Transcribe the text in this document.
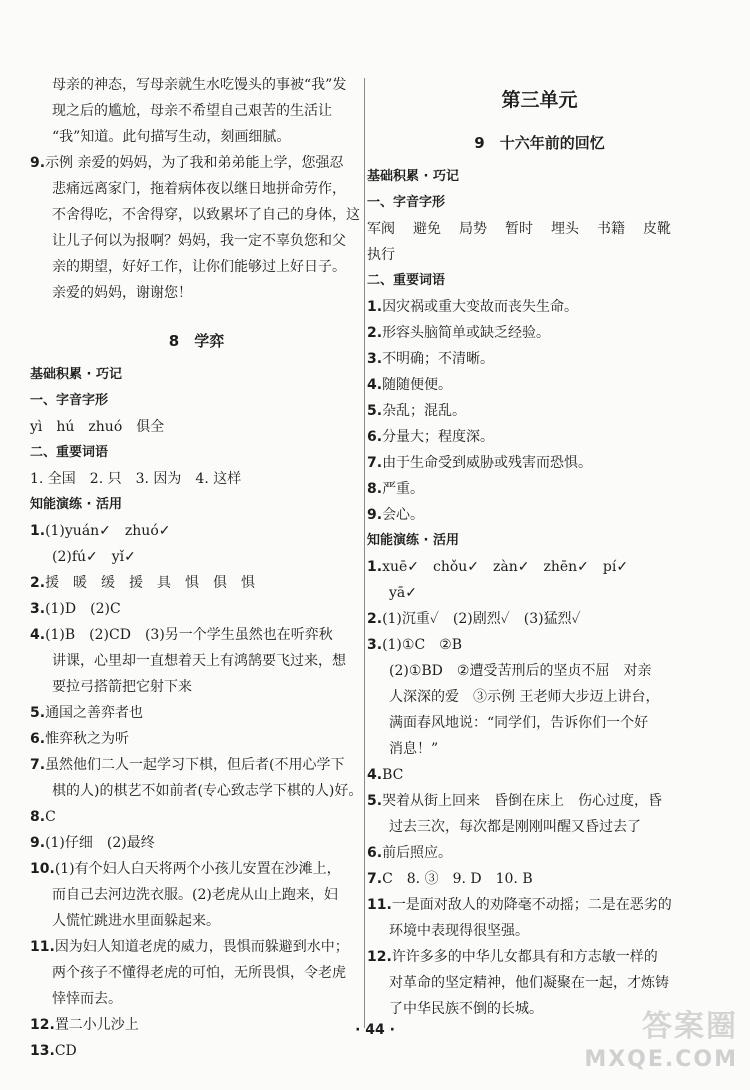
母亲的神态，写母亲就生水吃馒头的事被“我”发
现之后的尴尬，母亲不希望自己艰苦的生活让
“我”知道。此句描写生动，刻画细腻。
9.示例 亲爱的妈妈，为了我和弟弟能上学，您强忍
悲痛远离家门，拖着病体夜以继日地拼命劳作，
不舍得吃，不舍得穿，以致累坏了自己的身体，这
让儿子何以为报啊？妈妈，我一定不辜负您和父
亲的期望，好好工作，让你们能够过上好日子。
亲爱的妈妈，谢谢您！
8　学弈
基础积累 · 巧记
一、字音字形
yì　hú　zhuó　俱全
二、重要词语
1. 全国　2. 只　3. 因为　4. 这样
知能演练 · 活用
1.(1)yuán✓　zhuó✓
(2)fú✓　yǐ✓
2.援　暖　缓　援　具　惧　俱　惧
3.(1)D　(2)C
4.(1)B　(2)CD　(3)另一个学生虽然也在听弈秋
讲课，心里却一直想着天上有鸿鹄要飞过来，想
要拉弓搭箭把它射下来
5.通国之善弈者也
6.惟弈秋之为听
7.虽然他们二人一起学习下棋，但后者(不用心学下
棋的人)的棋艺不如前者(专心致志学下棋的人)好。
8.C
9.(1)仔细　(2)最终
10.(1)有个妇人白天将两个小孩儿安置在沙滩上，
而自己去河边洗衣服。(2)老虎从山上跑来，妇
人慌忙跳进水里面躲起来。
11.因为妇人知道老虎的威力，畏惧而躲避到水中；
两个孩子不懂得老虎的可怕，无所畏惧，令老虎
悻悻而去。
12.置二小儿沙上
13.CD
第三单元
9　十六年前的回忆
基础积累 · 巧记
一、字音字形
军阀 避免 局势 暂时 埋头 书籍 皮靴
执行
二、重要词语
1.因灾祸或重大变故而丧失生命。
2.形容头脑简单或缺乏经验。
3.不明确；不清晰。
4.随随便便。
5.杂乱；混乱。
6.分量大；程度深。
7.由于生命受到威胁或残害而恐惧。
8.严重。
9.会心。
知能演练 · 活用
1.xuē✓　chǒu✓　zàn✓　zhēn✓　pí✓
yā✓
2.(1)沉重✓　(2)剧烈✓　(3)猛烈✓
3.(1)①C　②B
(2)①BD　②遭受苦刑后的坚贞不屈　对亲
人深深的爱　③示例 王老师大步迈上讲台，
满面春风地说：“同学们，告诉你们一个好
消息！”
4.BC
5.哭着从街上回来　昏倒在床上　伤心过度，昏
过去三次，每次都是刚刚叫醒又昏过去了
6.前后照应。
7.C　8. ③　9. D　10. B
11.一是面对敌人的劝降毫不动摇；二是在恶劣的
环境中表现得很坚强。
12.许许多多的中华儿女都具有和方志敏一样的
对革命的坚定精神，他们凝聚在一起，才炼铸
了中华民族不倒的长城。
· 44 ·	答案圈
MXQE.COM
